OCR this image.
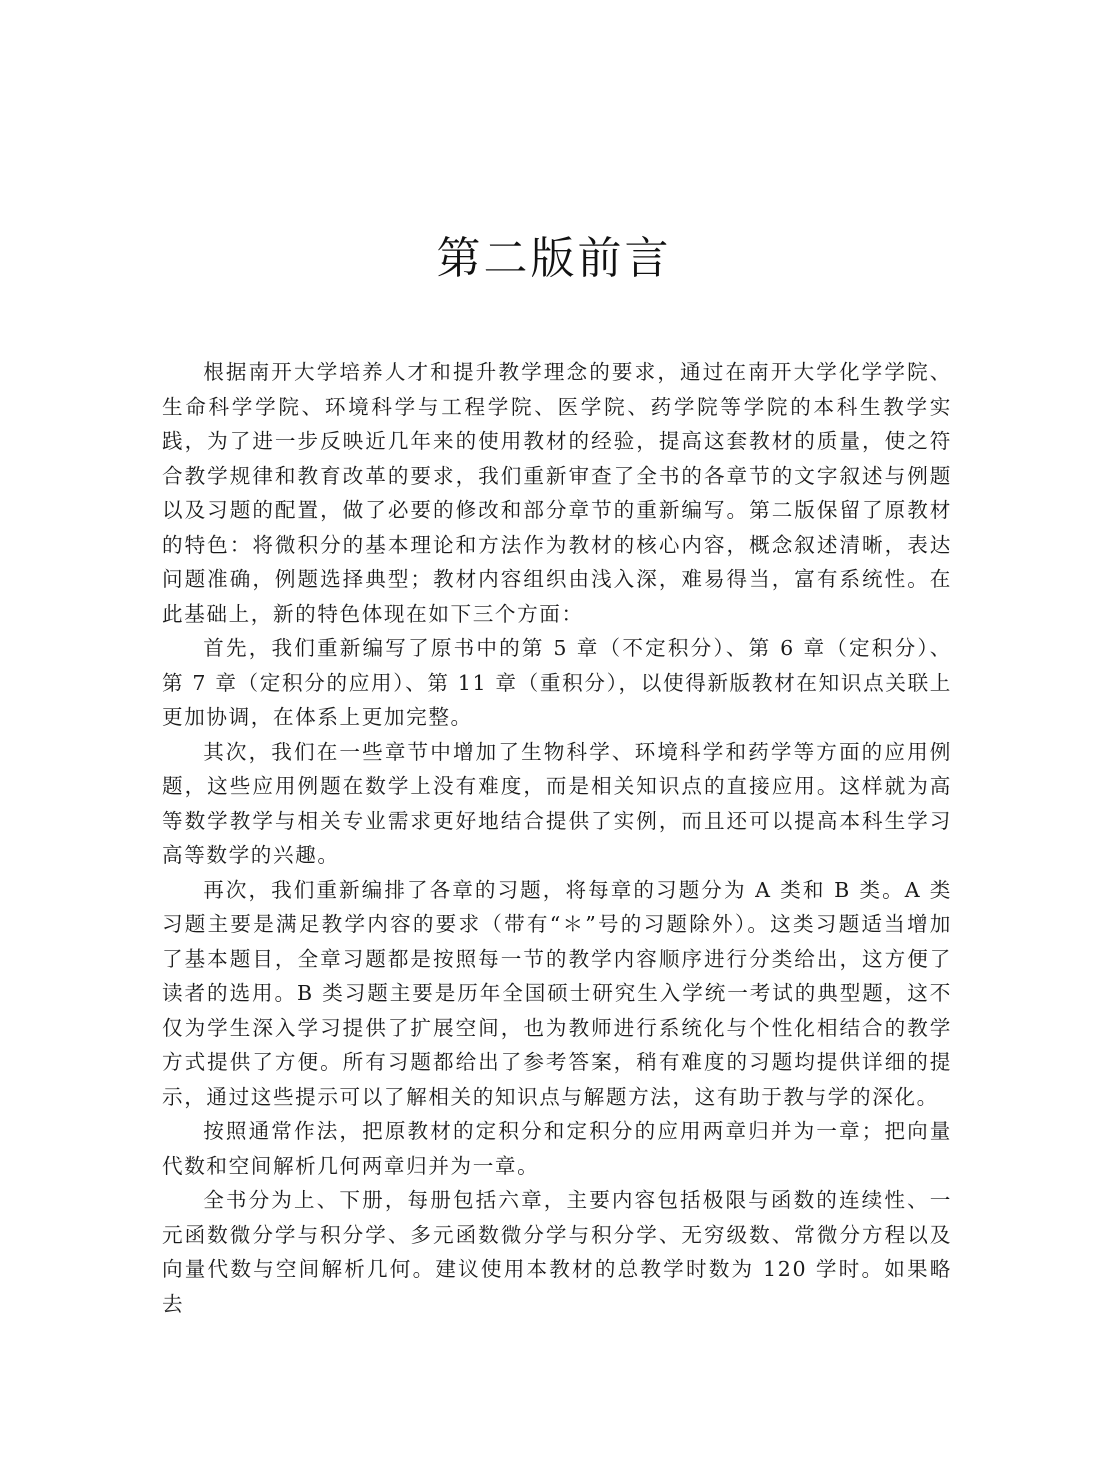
第二版前言

根据南开大学培养人才和提升教学理念的要求，通过在南开大学化学学院、生命科学学院、环境科学与工程学院、医学院、药学院等学院的本科生教学实践，为了进一步反映近几年来的使用教材的经验，提高这套教材的质量，使之符合教学规律和教育改革的要求，我们重新审查了全书的各章节的文字叙述与例题以及习题的配置，做了必要的修改和部分章节的重新编写。第二版保留了原教材的特色：将微积分的基本理论和方法作为教材的核心内容，概念叙述清晰，表达问题准确，例题选择典型；教材内容组织由浅入深，难易得当，富有系统性。在此基础上，新的特色体现在如下三个方面：

首先，我们重新编写了原书中的第 5 章（不定积分）、第 6 章（定积分）、第 7 章（定积分的应用）、第 11 章（重积分），以使得新版教材在知识点关联上更加协调，在体系上更加完整。

其次，我们在一些章节中增加了生物科学、环境科学和药学等方面的应用例题，这些应用例题在数学上没有难度，而是相关知识点的直接应用。这样就为高等数学教学与相关专业需求更好地结合提供了实例，而且还可以提高本科生学习高等数学的兴趣。

再次，我们重新编排了各章的习题，将每章的习题分为 A 类和 B 类。A 类习题主要是满足教学内容的要求（带有“＊”号的习题除外）。这类习题适当增加了基本题目，全章习题都是按照每一节的教学内容顺序进行分类给出，这方便了读者的选用。B 类习题主要是历年全国硕士研究生入学统一考试的典型题，这不仅为学生深入学习提供了扩展空间，也为教师进行系统化与个性化相结合的教学方式提供了方便。所有习题都给出了参考答案，稍有难度的习题均提供详细的提示，通过这些提示可以了解相关的知识点与解题方法，这有助于教与学的深化。

按照通常作法，把原教材的定积分和定积分的应用两章归并为一章；把向量代数和空间解析几何两章归并为一章。

全书分为上、下册，每册包括六章，主要内容包括极限与函数的连续性、一元函数微分学与积分学、多元函数微分学与积分学、无穷级数、常微分方程以及向量代数与空间解析几何。建议使用本教材的总教学时数为 120 学时。如果略去
